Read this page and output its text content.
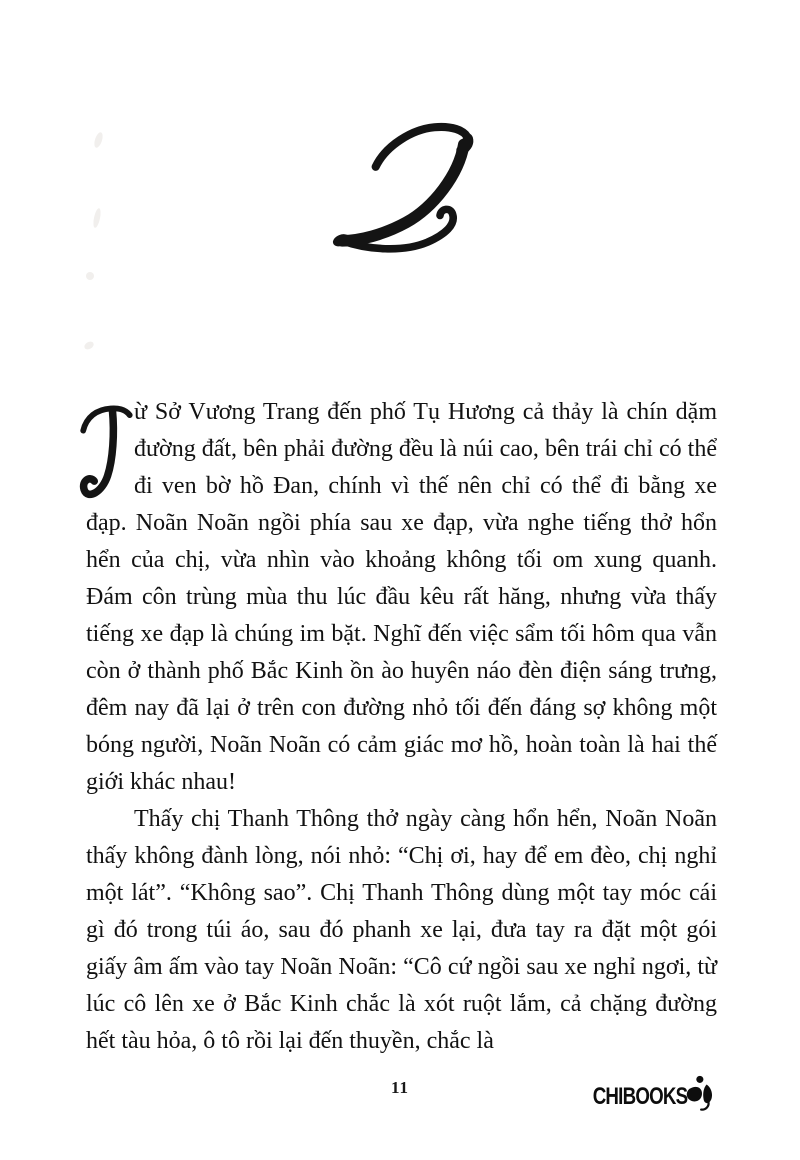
ừ Sở Vương Trang đến phố Tụ Hương cả thảy là chín dặm đường đất, bên phải đường đều là núi cao, bên trái chỉ có thể đi ven bờ hồ Đan, chính vì thế nên chỉ có thể đi bằng xe đạp. Noãn Noãn ngồi phía sau xe đạp, vừa nghe tiếng thở hổn hển của chị, vừa nhìn vào khoảng không tối om xung quanh. Đám côn trùng mùa thu lúc đầu kêu rất hăng, nhưng vừa thấy tiếng xe đạp là chúng im bặt. Nghĩ đến việc sẩm tối hôm qua vẫn còn ở thành phố Bắc Kinh ồn ào huyên náo đèn điện sáng trưng, đêm nay đã lại ở trên con đường nhỏ tối đến đáng sợ không một bóng người, Noãn Noãn có cảm giác mơ hồ, hoàn toàn là hai thế giới khác nhau!

Thấy chị Thanh Thông thở ngày càng hổn hển, Noãn Noãn thấy không đành lòng, nói nhỏ: “Chị ơi, hay để em đèo, chị nghỉ một lát”. “Không sao”. Chị Thanh Thông dùng một tay móc cái gì đó trong túi áo, sau đó phanh xe lại, đưa tay ra đặt một gói giấy âm ấm vào tay Noãn Noãn: “Cô cứ ngồi sau xe nghỉ ngơi, từ lúc cô lên xe ở Bắc Kinh chắc là xót ruột lắm, cả chặng đường hết tàu hỏa, ô tô rồi lại đến thuyền, chắc là

11	CHIBOOKS
